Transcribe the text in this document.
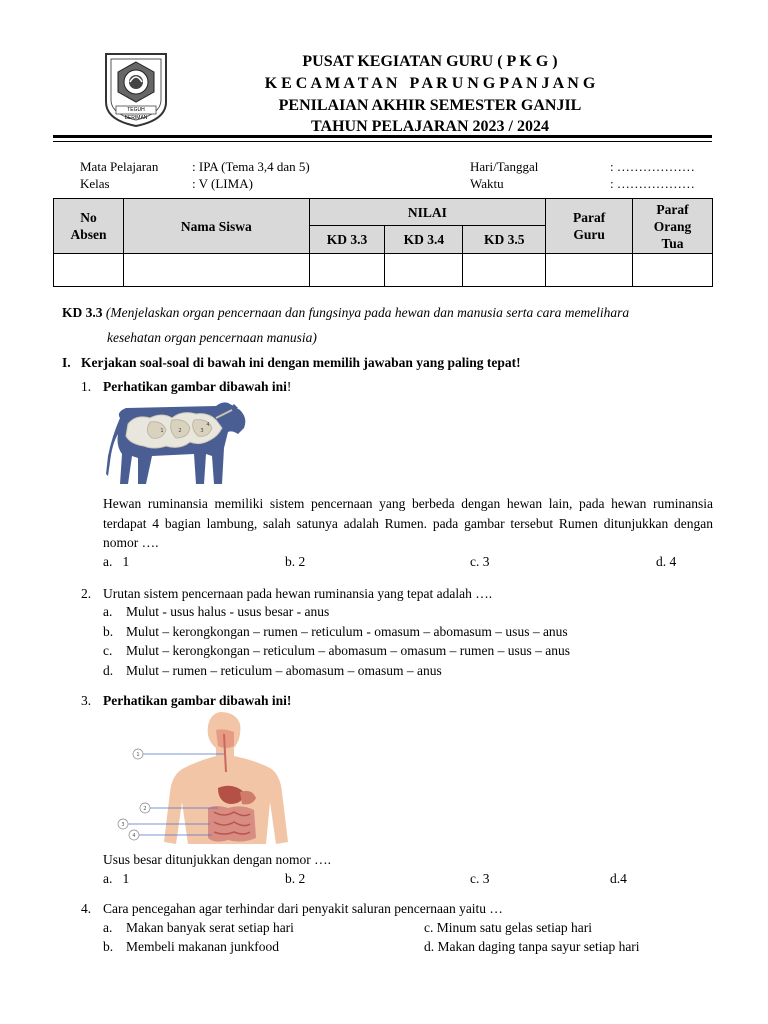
TEGUH BERIMAN
PUSAT KEGIATAN GURU ( P K G )
K E C A M A T A N   P A R U N G P A N J A N G
PENILAIAN AKHIR SEMESTER GANJIL
TAHUN PELAJARAN 2023 / 2024
Mata Pelajaran	: IPA (Tema 3,4 dan 5)
Kelas	: V (LIMA)
Hari/Tanggal	: ………………
Waktu	: ………………
No Absen	Nama Siswa	NILAI			Paraf Guru	Paraf Orang Tua

		KD 3.3	KD 3.4	KD 3.5		

KD 3.3 (Menjelaskan organ pencernaan dan fungsinya pada hewan dan manusia serta cara memelihara
kesehatan organ pencernaan manusia)
I. Kerjakan soal-soal di bawah ini dengan memilih jawaban yang paling tepat!
1. Perhatikan gambar dibawah ini!
1	2	3
4
Hewan ruminansia memiliki sistem pencernaan yang berbeda dengan hewan lain, pada hewan ruminansia terdapat 4 bagian lambung, salah satunya adalah Rumen. pada gambar tersebut Rumen ditunjukkan dengan nomor ….
a.   1	b. 2	c. 3	d. 4
2. Urutan sistem pencernaan pada hewan ruminansia yang tepat adalah ….
a. Mulut - usus halus - usus besar - anus
b. Mulut – kerongkongan – rumen – reticulum - omasum – abomasum – usus – anus
c. Mulut – kerongkongan – reticulum – abomasum – omasum – rumen – usus – anus
d. Mulut – rumen – reticulum – abomasum – omasum – anus
3. Perhatikan gambar dibawah ini!
1
2
3
4
Usus besar ditunjukkan dengan nomor ….
a.   1	b. 2	c. 3	d.4
4. Cara pencegahan agar terhindar dari penyakit saluran pencernaan yaitu …
a. Makan banyak serat setiap hari	c. Minum satu gelas setiap hari
b. Membeli makanan junkfood	d. Makan daging tanpa sayur setiap hari
